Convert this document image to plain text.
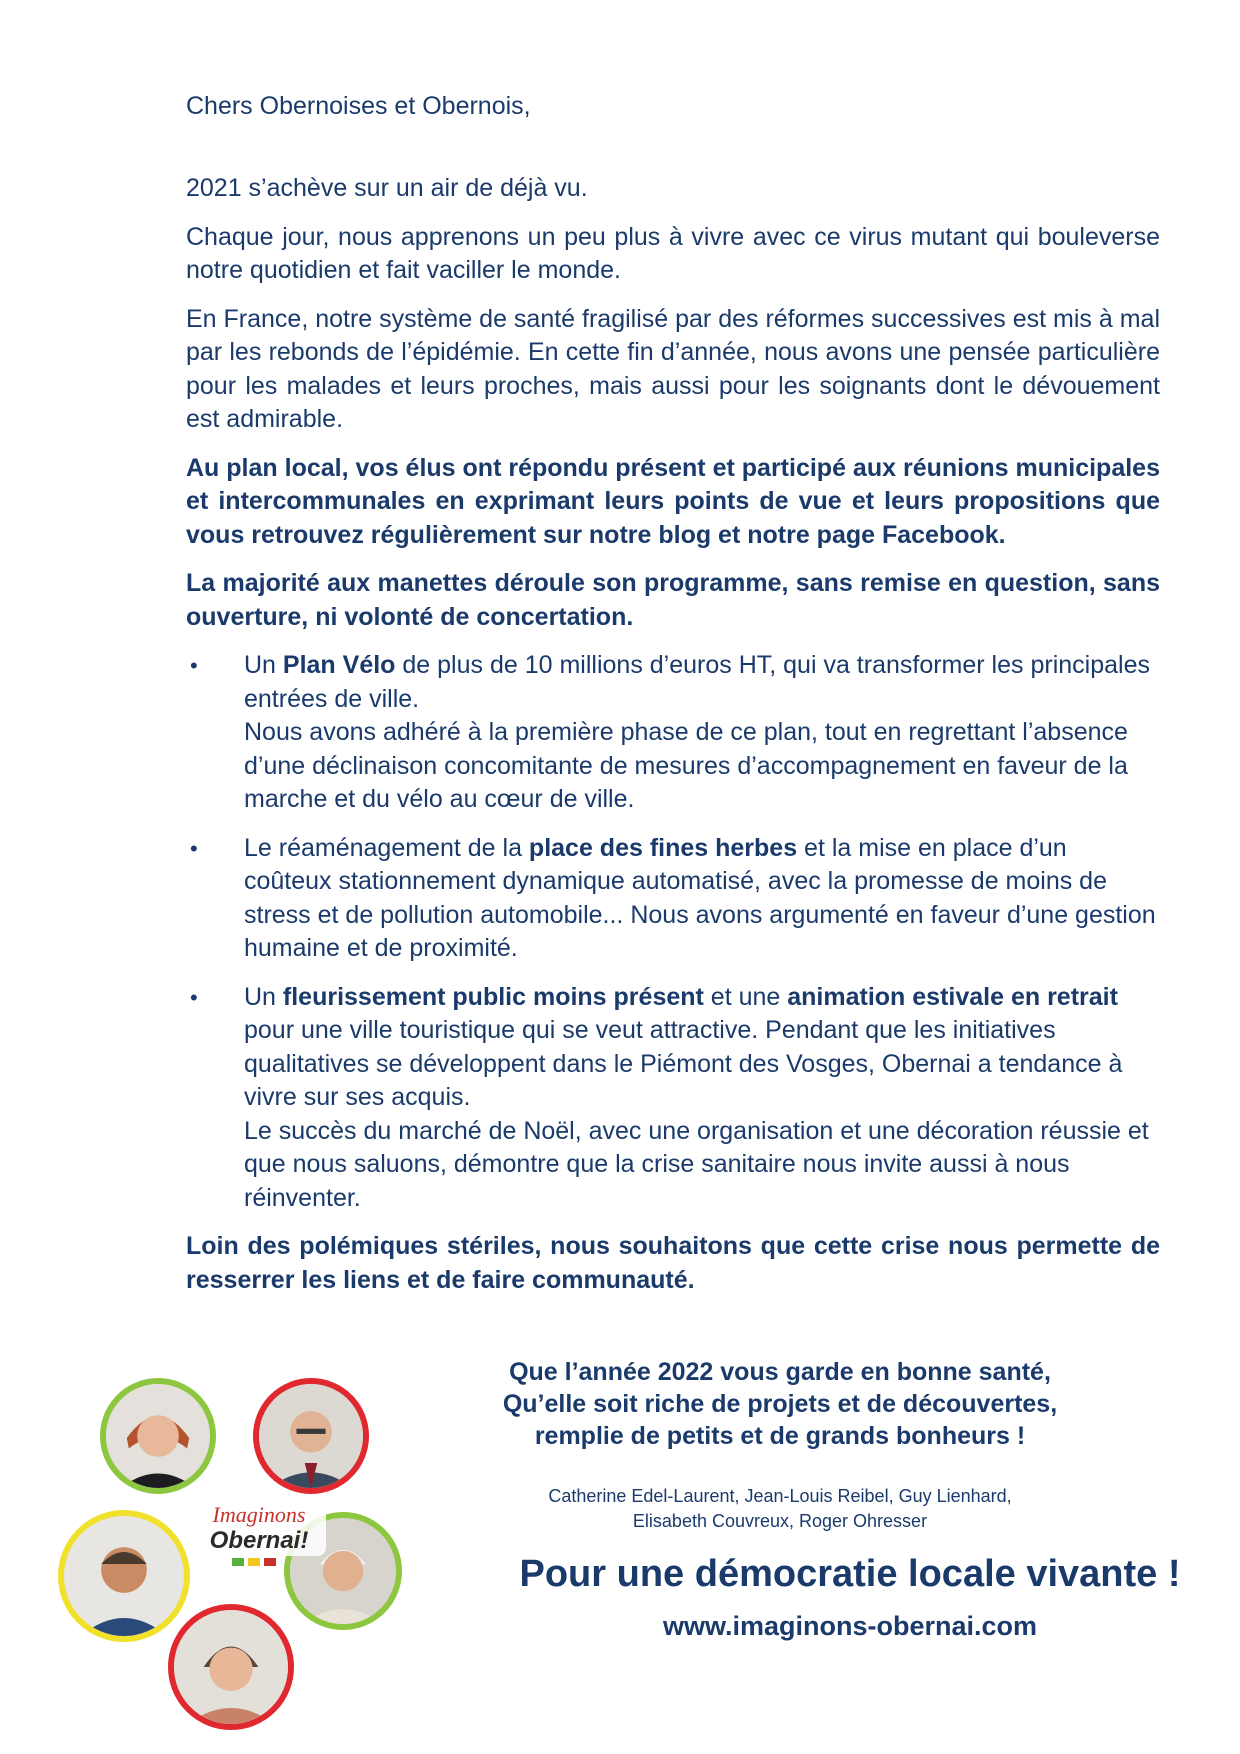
Chers Obernoises et Obernois,

2021 s’achève sur un air de déjà vu.

Chaque jour, nous apprenons un peu plus à vivre avec ce virus mutant qui bouleverse notre quotidien et fait vaciller le monde.

En France, notre système de santé fragilisé par des réformes successives est mis à mal par les rebonds de l’épidémie. En cette fin d’année, nous avons une pensée particulière pour les malades et leurs proches, mais aussi pour les soignants dont le dévouement est admirable.

Au plan local, vos élus ont répondu présent et participé aux réunions municipales et intercommunales en exprimant leurs points de vue et leurs propositions que vous retrouvez régulièrement sur notre blog et notre page Facebook.

La majorité aux manettes déroule son programme, sans remise en question, sans ouverture, ni volonté de concertation.

• Un Plan Vélo de plus de 10 millions d’euros HT, qui va transformer les principales entrées de ville.
Nous avons adhéré à la première phase de ce plan, tout en regrettant l’absence d’une déclinaison concomitante de mesures d’accompagnement en faveur de la marche et du vélo au cœur de ville.
• Le réaménagement de la place des fines herbes et la mise en place d’un coûteux stationnement dynamique automatisé, avec la promesse de moins de stress et de pollution automobile... Nous avons argumenté en faveur d’une gestion humaine et de proximité.
• Un fleurissement public moins présent et une animation estivale en retrait pour une ville touristique qui se veut attractive. Pendant que les initiatives qualitatives se développent dans le Piémont des Vosges, Obernai a tendance à vivre sur ses acquis.
Le succès du marché de Noël, avec une organisation et une décoration réussie et que nous saluons, démontre que la crise sanitaire nous invite aussi à nous réinventer.

Loin des polémiques stériles, nous souhaitons que cette crise nous permette de resserrer les liens et de faire communauté.

Imaginons
Obernai!
Que l’année 2022 vous garde en bonne santé,
Qu’elle soit riche de projets et de découvertes,
remplie de petits et de grands bonheurs !
Catherine Edel-Laurent, Jean-Louis Reibel, Guy Lienhard,
Elisabeth Couvreux, Roger Ohresser
Pour une démocratie locale vivante !
www.imaginons-obernai.com
